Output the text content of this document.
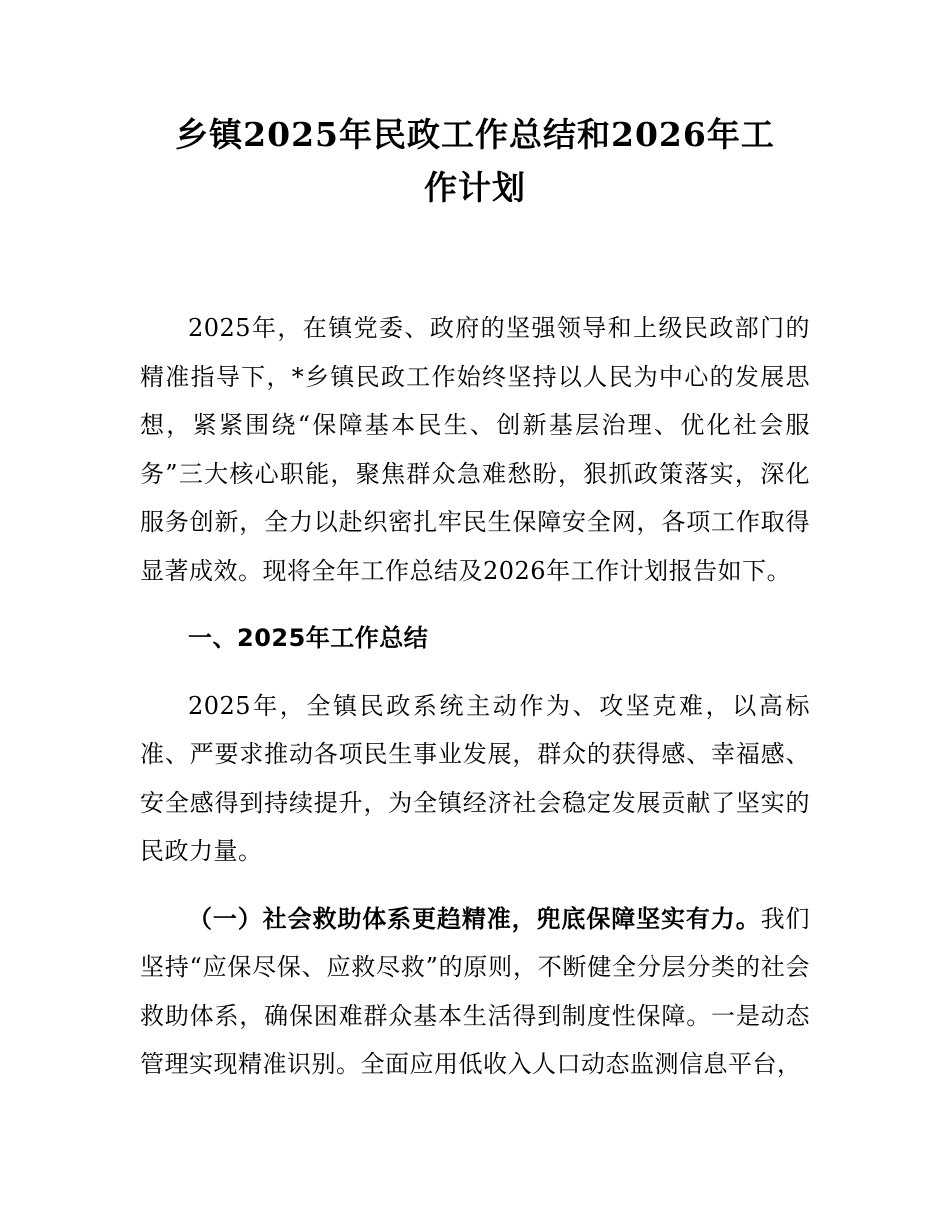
乡镇2025年民政工作总结和2026年工作计划

2025年，在镇党委、政府的坚强领导和上级民政部门的精准指导下，*乡镇民政工作始终坚持以人民为中心的发展思想，紧紧围绕“保障基本民生、创新基层治理、优化社会服务”三大核心职能，聚焦群众急难愁盼，狠抓政策落实，深化服务创新，全力以赴织密扎牢民生保障安全网，各项工作取得显著成效。现将全年工作总结及2026年工作计划报告如下。

一、2025年工作总结

2025年，全镇民政系统主动作为、攻坚克难，以高标准、严要求推动各项民生事业发展，群众的获得感、幸福感、安全感得到持续提升，为全镇经济社会稳定发展贡献了坚实的民政力量。

（一）社会救助体系更趋精准，兜底保障坚实有力。我们坚持“应保尽保、应救尽救”的原则，不断健全分层分类的社会救助体系，确保困难群众基本生活得到制度性保障。一是动态管理实现精准识别。全面应用低收入人口动态监测信息平台，
